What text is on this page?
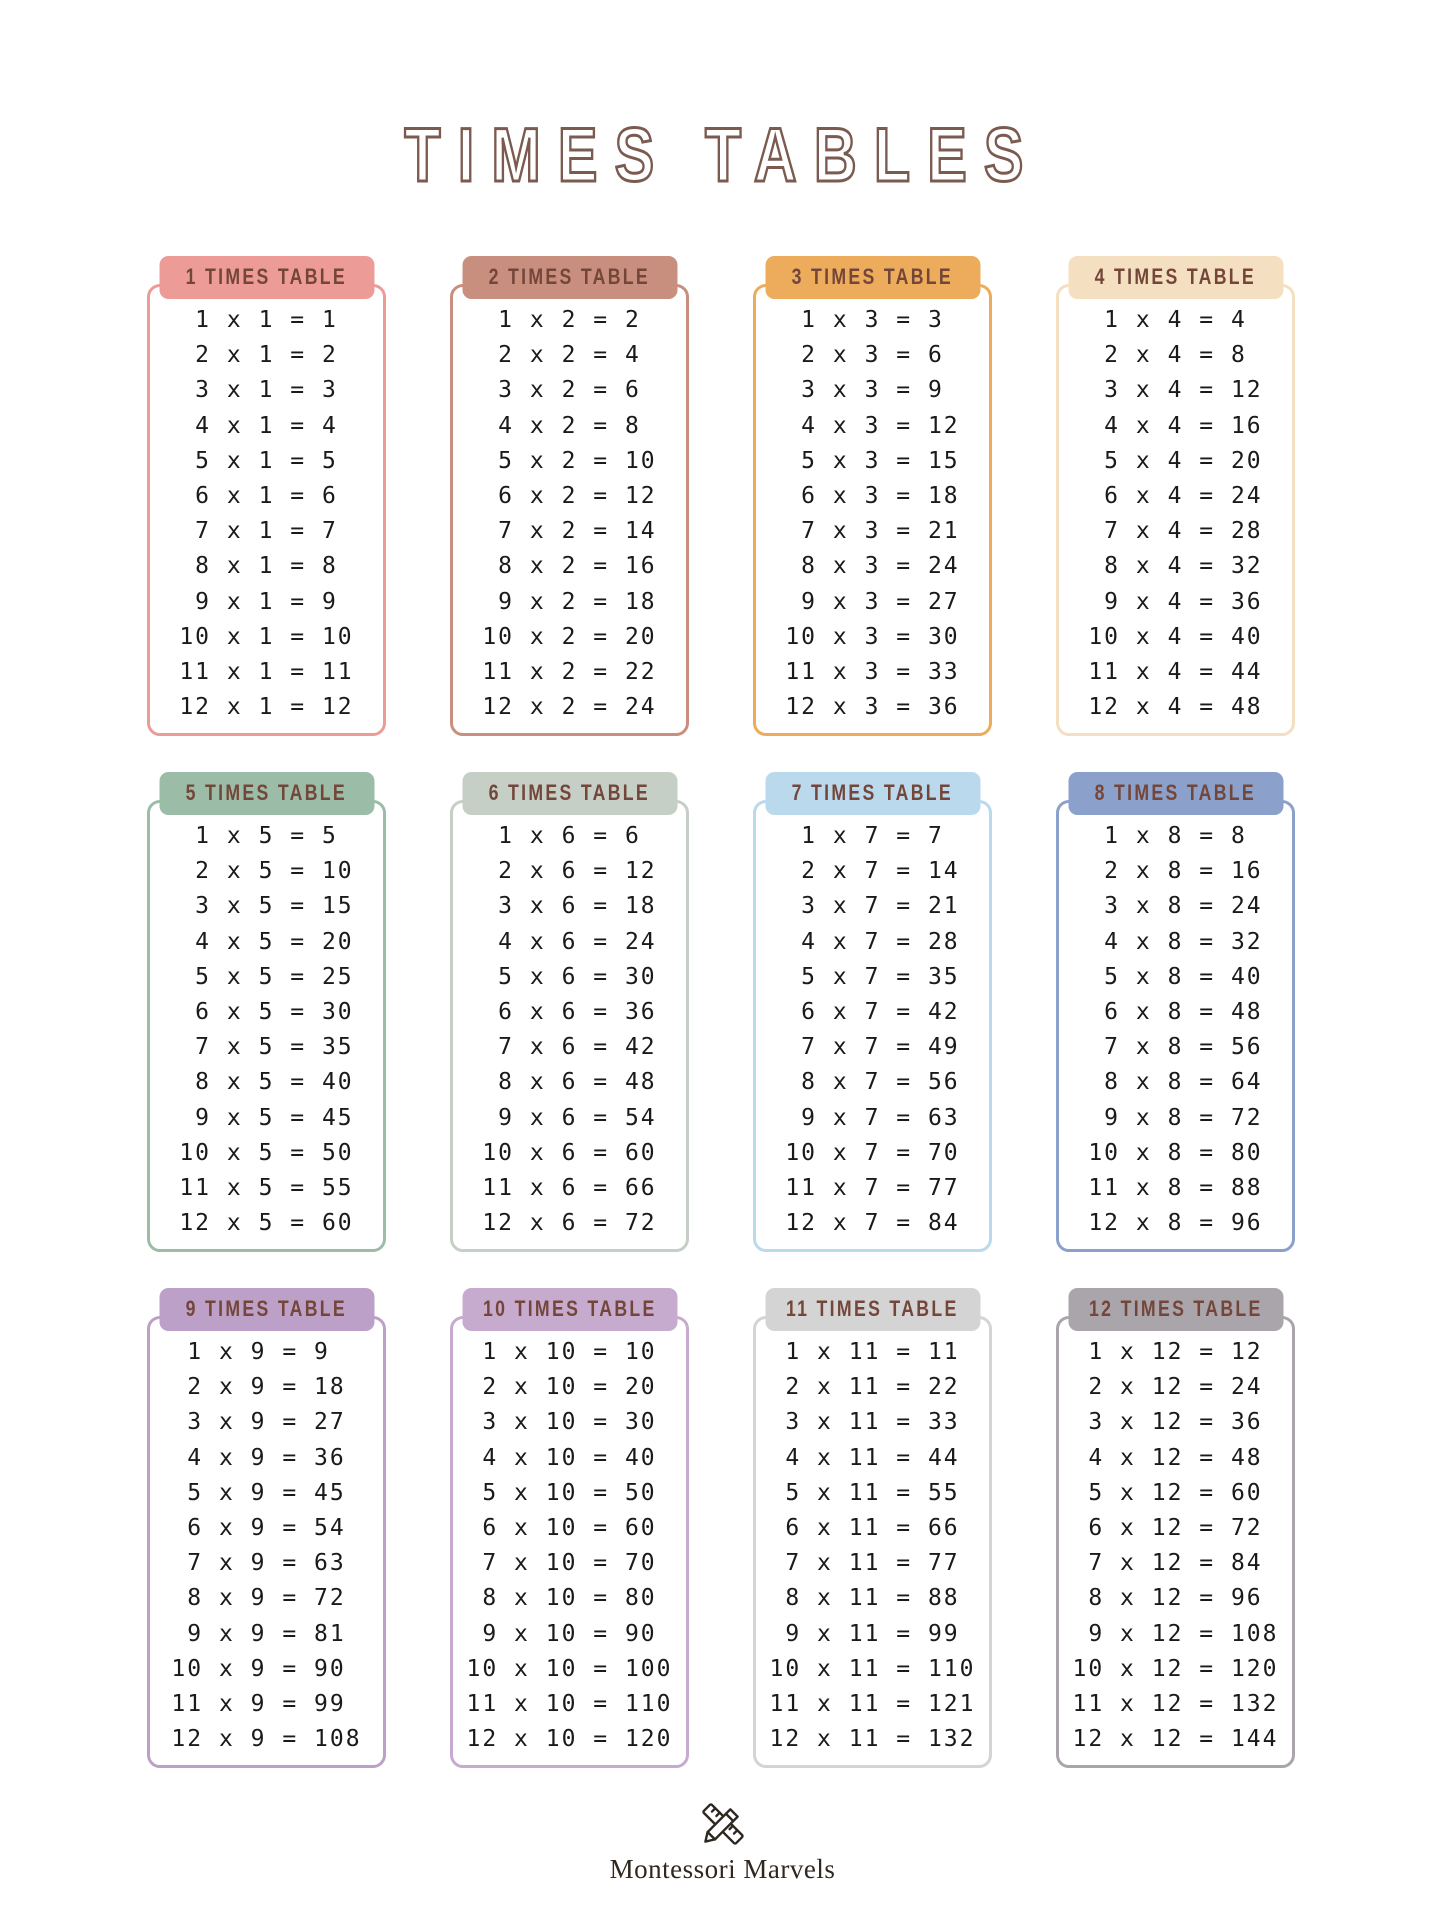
TIMES TABLES
1 TIMES TABLE
1 x 1 = 1
2 x 1 = 2
3 x 1 = 3
4 x 1 = 4
5 x 1 = 5
6 x 1 = 6
7 x 1 = 7
8 x 1 = 8
9 x 1 = 9
10 x 1 = 10
11 x 1 = 11
12 x 1 = 12
2 TIMES TABLE
1 x 2 = 2
2 x 2 = 4
3 x 2 = 6
4 x 2 = 8
5 x 2 = 10
6 x 2 = 12
7 x 2 = 14
8 x 2 = 16
9 x 2 = 18
10 x 2 = 20
11 x 2 = 22
12 x 2 = 24
3 TIMES TABLE
1 x 3 = 3
2 x 3 = 6
3 x 3 = 9
4 x 3 = 12
5 x 3 = 15
6 x 3 = 18
7 x 3 = 21
8 x 3 = 24
9 x 3 = 27
10 x 3 = 30
11 x 3 = 33
12 x 3 = 36
4 TIMES TABLE
1 x 4 = 4
2 x 4 = 8
3 x 4 = 12
4 x 4 = 16
5 x 4 = 20
6 x 4 = 24
7 x 4 = 28
8 x 4 = 32
9 x 4 = 36
10 x 4 = 40
11 x 4 = 44
12 x 4 = 48
5 TIMES TABLE
1 x 5 = 5
2 x 5 = 10
3 x 5 = 15
4 x 5 = 20
5 x 5 = 25
6 x 5 = 30
7 x 5 = 35
8 x 5 = 40
9 x 5 = 45
10 x 5 = 50
11 x 5 = 55
12 x 5 = 60
6 TIMES TABLE
1 x 6 = 6
2 x 6 = 12
3 x 6 = 18
4 x 6 = 24
5 x 6 = 30
6 x 6 = 36
7 x 6 = 42
8 x 6 = 48
9 x 6 = 54
10 x 6 = 60
11 x 6 = 66
12 x 6 = 72
7 TIMES TABLE
1 x 7 = 7
2 x 7 = 14
3 x 7 = 21
4 x 7 = 28
5 x 7 = 35
6 x 7 = 42
7 x 7 = 49
8 x 7 = 56
9 x 7 = 63
10 x 7 = 70
11 x 7 = 77
12 x 7 = 84
8 TIMES TABLE
1 x 8 = 8
2 x 8 = 16
3 x 8 = 24
4 x 8 = 32
5 x 8 = 40
6 x 8 = 48
7 x 8 = 56
8 x 8 = 64
9 x 8 = 72
10 x 8 = 80
11 x 8 = 88
12 x 8 = 96
9 TIMES TABLE
1 x 9 = 9
2 x 9 = 18
3 x 9 = 27
4 x 9 = 36
5 x 9 = 45
6 x 9 = 54
7 x 9 = 63
8 x 9 = 72
9 x 9 = 81
10 x 9 = 90
11 x 9 = 99
12 x 9 = 108
10 TIMES TABLE
1 x 10 = 10
2 x 10 = 20
3 x 10 = 30
4 x 10 = 40
5 x 10 = 50
6 x 10 = 60
7 x 10 = 70
8 x 10 = 80
9 x 10 = 90
10 x 10 = 100
11 x 10 = 110
12 x 10 = 120
11 TIMES TABLE
1 x 11 = 11
2 x 11 = 22
3 x 11 = 33
4 x 11 = 44
5 x 11 = 55
6 x 11 = 66
7 x 11 = 77
8 x 11 = 88
9 x 11 = 99
10 x 11 = 110
11 x 11 = 121
12 x 11 = 132
12 TIMES TABLE
1 x 12 = 12
2 x 12 = 24
3 x 12 = 36
4 x 12 = 48
5 x 12 = 60
6 x 12 = 72
7 x 12 = 84
8 x 12 = 96
9 x 12 = 108
10 x 12 = 120
11 x 12 = 132
12 x 12 = 144
Montessori Marvels
